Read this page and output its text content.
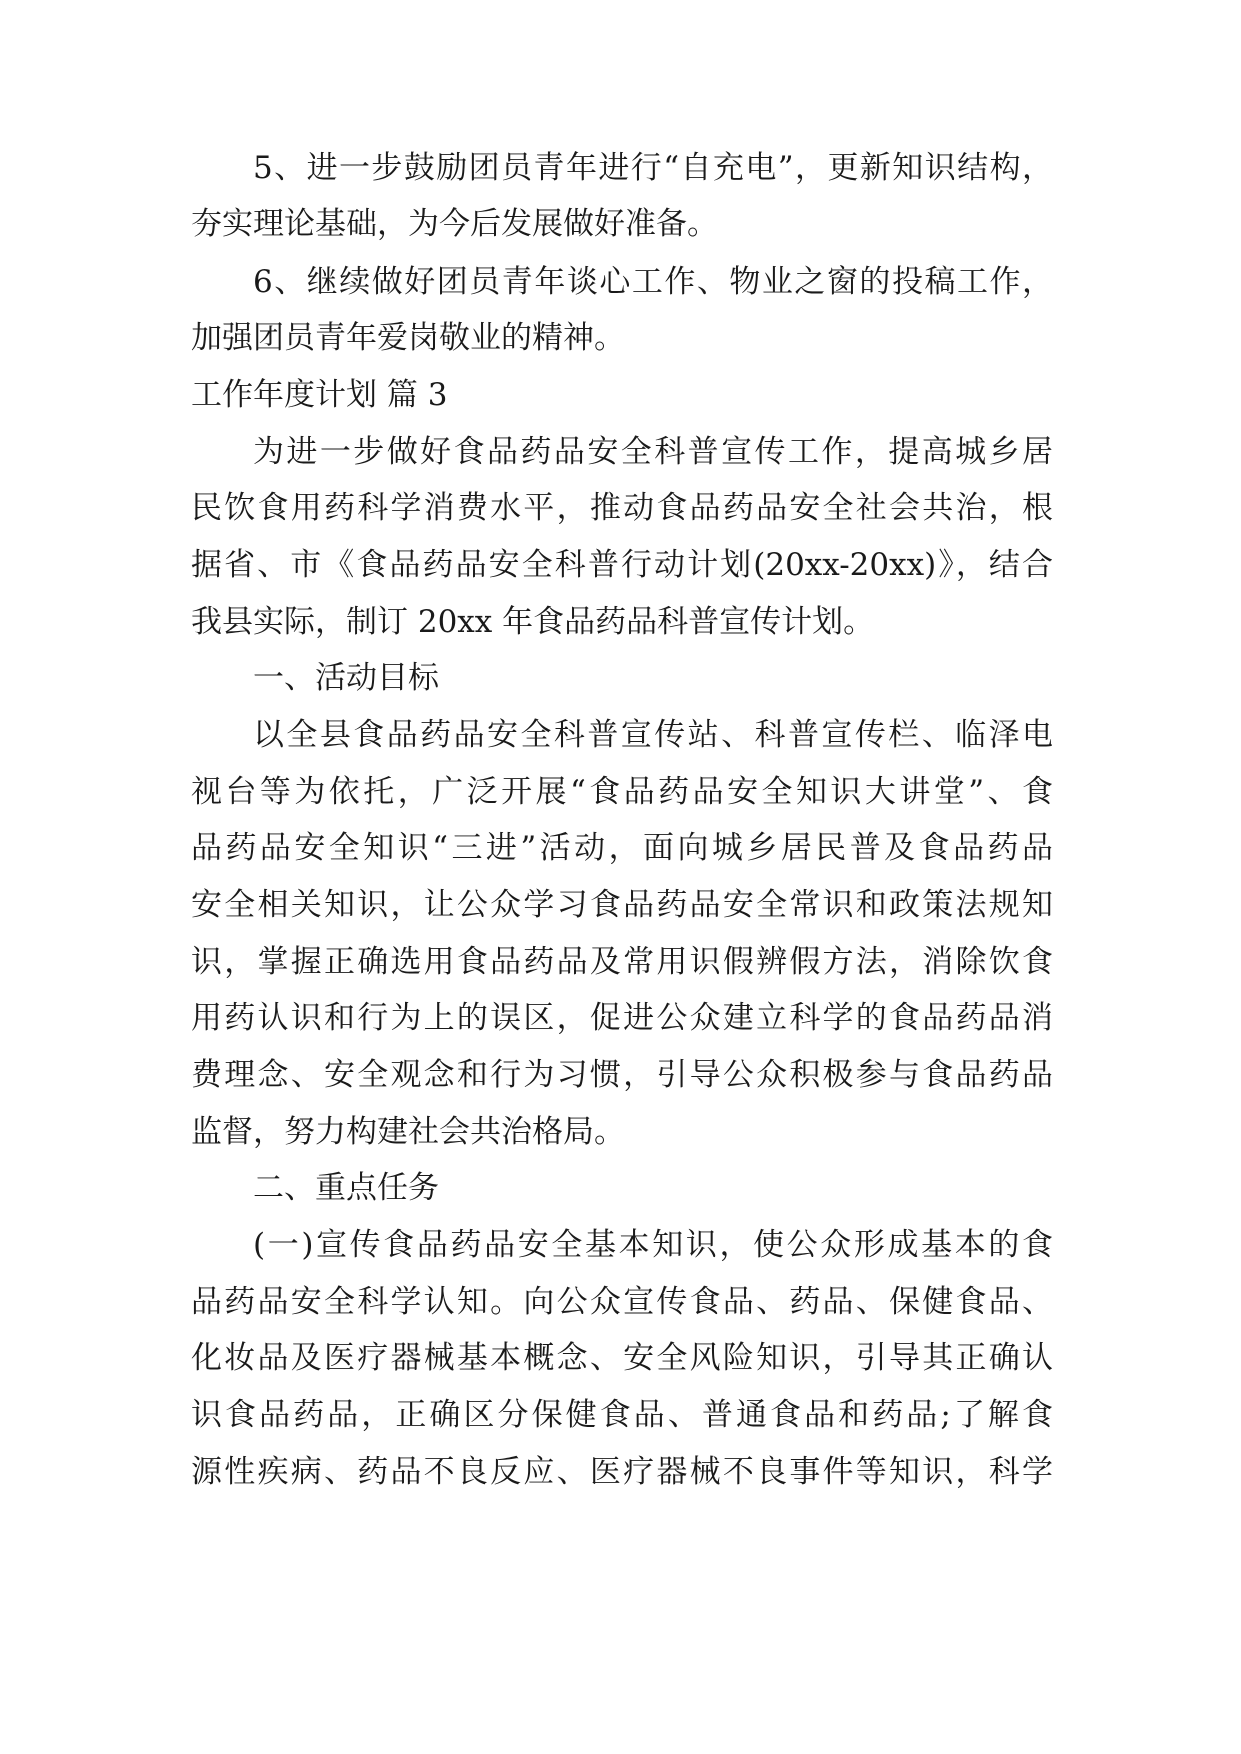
5、进一步鼓励团员青年进行“自充电”，更新知识结构，
夯实理论基础，为今后发展做好准备。
6、继续做好团员青年谈心工作、物业之窗的投稿工作，
加强团员青年爱岗敬业的精神。
工作年度计划 篇 3
为进一步做好食品药品安全科普宣传工作，提高城乡居
民饮食用药科学消费水平，推动食品药品安全社会共治，根
据省、市《食品药品安全科普行动计划(20xx-20xx)》，结合
我县实际，制订 20xx 年食品药品科普宣传计划。
一、活动目标
以全县食品药品安全科普宣传站、科普宣传栏、临泽电
视台等为依托，广泛开展“食品药品安全知识大讲堂”、食
品药品安全知识“三进”活动，面向城乡居民普及食品药品
安全相关知识，让公众学习食品药品安全常识和政策法规知
识，掌握正确选用食品药品及常用识假辨假方法，消除饮食
用药认识和行为上的误区，促进公众建立科学的食品药品消
费理念、安全观念和行为习惯，引导公众积极参与食品药品
监督，努力构建社会共治格局。
二、重点任务
(一)宣传食品药品安全基本知识，使公众形成基本的食
品药品安全科学认知。向公众宣传食品、药品、保健食品、
化妆品及医疗器械基本概念、安全风险知识，引导其正确认
识食品药品，正确区分保健食品、普通食品和药品;了解食
源性疾病、药品不良反应、医疗器械不良事件等知识，科学
